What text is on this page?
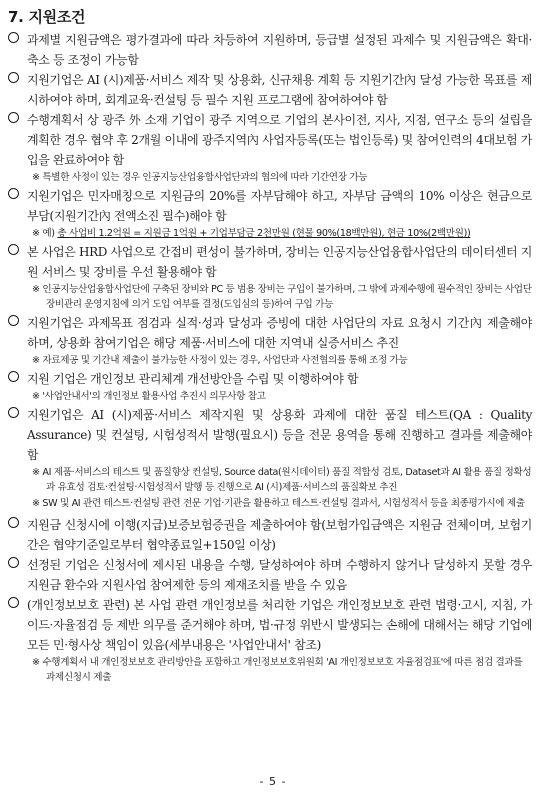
7. 지원조건
과제별 지원금액은 평가결과에 따라 차등하여 지원하며, 등급별 설정된 과제수 및 지원금액은 확대·축소 등 조정이 가능함
지원기업은 AI (시)제품·서비스 제작 및 상용화, 신규채용 계획 등 지원기간內 달성 가능한 목표를 제시하여야 하며, 회계교육·컨설팅 등 필수 지원 프로그램에 참여하여야 함
수행계획서 상 광주 外 소재 기업이 광주 지역으로 기업의 본사이전, 지사, 지점, 연구소 등의 설립을 계획한 경우 협약 후 2개월 이내에 광주지역內 사업자등록(또는 법인등록) 및 참여인력의 4대보험 가입을 완료하여야 함

※ 특별한 사정이 있는 경우 인공지능산업융합사업단과의 협의에 따라 기간연장 가능

지원기업은 민자매칭으로 지원금의 20%를 자부담해야 하고, 자부담 금액의 10% 이상은 현금으로 부담(지원기간內 전액소진 필수)해야 함

※ 예) 총 사업비 1.2억원 = 지원금 1억원 + 기업부담금 2천만원 (현물 90%(18백만원), 현금 10%(2백만원))

본 사업은 HRD 사업으로 간접비 편성이 불가하며, 장비는 인공지능산업융합사업단의 데이터센터 지원 서비스 및 장비를 우선 활용해야 함

※ 인공지능산업융합사업단에 구축된 장비와 PC 등 범용 장비는 구입이 불가하며, 그 밖에 과제수행에 필수적인 장비는 사업단 장비관리 운영지침에 의거 도입 여부를 결정(도입심의 등)하여 구입 가능

지원기업은 과제목표 점검과 실적·성과 달성과 증빙에 대한 사업단의 자료 요청시 기간內 제출해야 하며, 상용화 참여기업은 해당 제품·서비스에 대한 지역내 실증서비스 추진

※ 자료제공 및 기간내 제출이 불가능한 사정이 있는 경우, 사업단과 사전협의를 통해 조정 가능

지원 기업은 개인정보 관리체계 개선방안을 수립 및 이행하여야 함

※ '사업안내서'의 개인정보 활용사업 추진시 의무사항 참고

지원기업은 AI (시)제품·서비스 제작지원 및 상용화 과제에 대한 품질 테스트(QA : Quality Assurance) 및 컨설팅, 시험성적서 발행(필요시) 등을 전문 용역을 통해 진행하고 결과를 제출해야 함

※ AI 제품·서비스의 테스트 및 품질향상 컨설팅, Source data(원시데이터) 품질 적합성 검토, Dataset과 AI 활용 품질 정확성과 유효성 검토·컨설팅·시험성적서 발행 등 진행으로 AI (시)제품·서비스의 품질확보 추진

※ SW 및 AI 관련 테스트·컨설팅 관련 전문 기업·기관을 활용하고 테스트·컨설팅 결과서, 시험성적서 등을 최종평가시에 제출

지원금 신청시에 이행(지급)보증보험증권을 제출하여야 함(보험가입금액은 지원금 전체이며, 보험기간은 협약기준일로부터 협약종료일+150일 이상)
선정된 기업은 신청서에 제시된 내용을 수행, 달성하여야 하며 수행하지 않거나 달성하지 못할 경우 지원금 환수와 지원사업 참여제한 등의 제재조치를 받을 수 있음
(개인정보보호 관련) 본 사업 관련 개인정보를 처리한 기업은 개인정보보호 관련 법령·고시, 지침, 가이드·자율점검 등 제반 의무를 준거해야 하며, 법·규정 위반시 발생되는 손해에 대해서는 해당 기업에 모든 민·형사상 책임이 있음(세부내용은 '사업안내서' 참조)

※ 수행계획서 내 개인정보보호 관리방안을 포함하고 개인정보보호위원회 'AI 개인정보보호 자율점검표'에 따른 점검 결과를 과제신청시 제출

- 5 -
